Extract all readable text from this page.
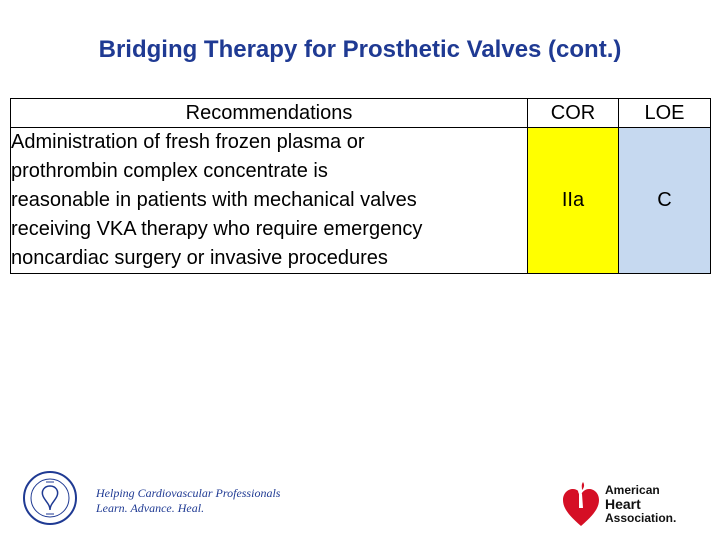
Bridging Therapy for Prosthetic Valves (cont.)
Recommendations	COR	LOE

Administration of fresh frozen plasma or
prothrombin complex concentrate is
reasonable in patients with mechanical valves
receiving VKA therapy who require emergency
noncardiac surgery or invasive procedures	IIa	C
Helping Cardiovascular Professionals
Learn. Advance. Heal.
American
Heart
Association.
